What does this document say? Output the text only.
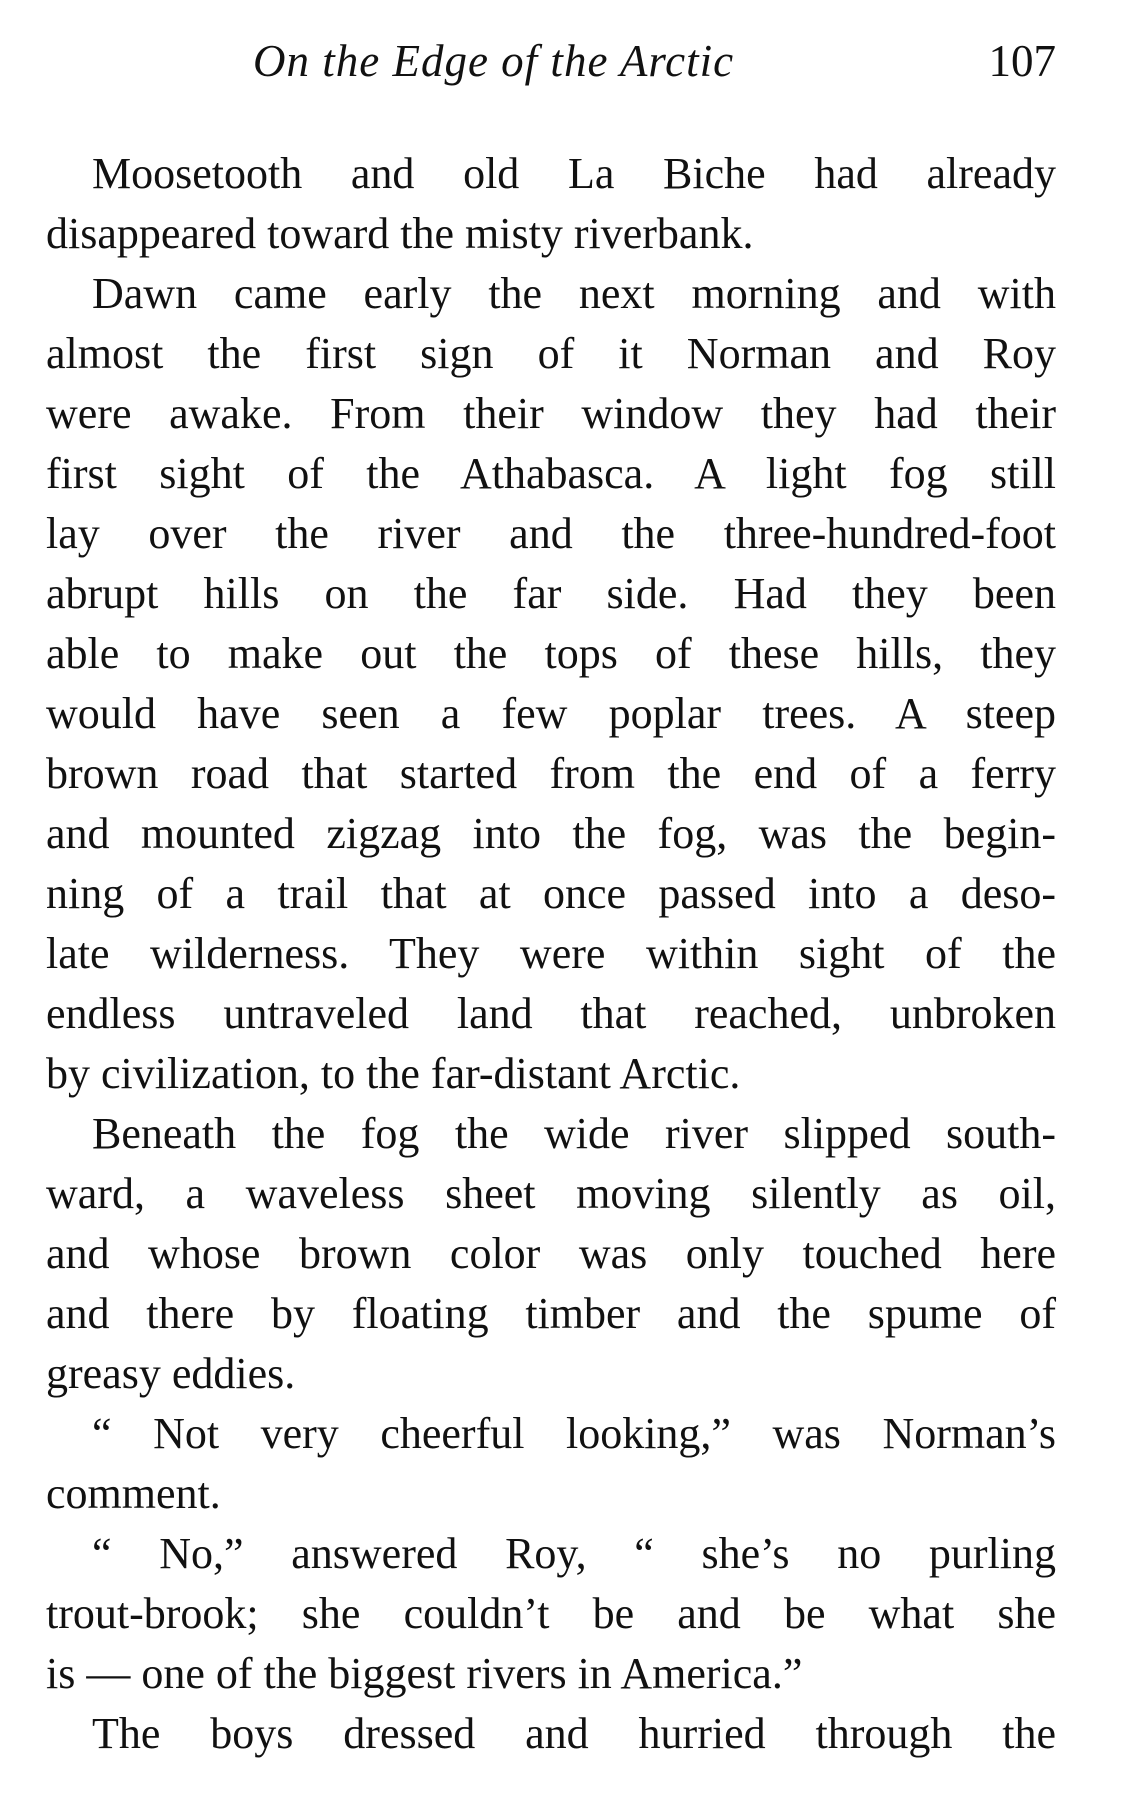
On the Edge of the Arctic	107
Moosetooth and old La Biche had already
disappeared toward the misty riverbank.
Dawn came early the next morning and with
almost the first sign of it Norman and Roy
were awake. From their window they had their
first sight of the Athabasca. A light fog still
lay over the river and the three-hundred-foot
abrupt hills on the far side. Had they been
able to make out the tops of these hills, they
would have seen a few poplar trees. A steep
brown road that started from the end of a ferry
and mounted zigzag into the fog, was the begin-
ning of a trail that at once passed into a deso-
late wilderness. They were within sight of the
endless untraveled land that reached, unbroken
by civilization, to the far-distant Arctic.
Beneath the fog the wide river slipped south-
ward, a waveless sheet moving silently as oil,
and whose brown color was only touched here
and there by floating timber and the spume of
greasy eddies.
“ Not very cheerful looking,” was Norman’s
comment.
“ No,” answered Roy, “ she’s no purling
trout-brook; she couldn’t be and be what she
is — one of the biggest rivers in America.”
The boys dressed and hurried through the
